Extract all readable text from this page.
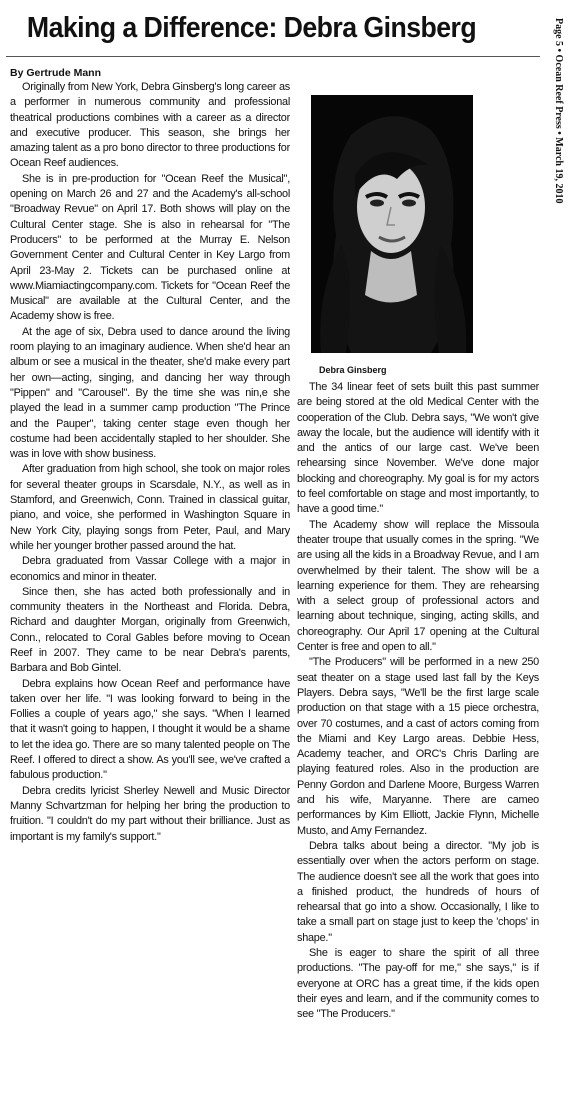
Making a Difference: Debra Ginsberg	Page 5 • Ocean Reef Press • March 19, 2010
By Gertrude Mann

Originally from New York, Debra Ginsberg's long career as a performer in numerous community and professional theatrical productions combines with a career as a director and executive producer. This season, she brings her amazing talent as a pro bono director to three productions for Ocean Reef audiences.

She is in pre-production for "Ocean Reef the Musical", opening on March 26 and 27 and the Academy's all-school "Broadway Revue" on April 17. Both shows will play on the Cultural Center stage. She is also in rehearsal for "The Producers" to be performed at the Murray E. Nelson Government Center and Cultural Center in Key Largo from April 23-May 2. Tickets can be purchased online at www.Miamiactingcompany.com. Tickets for "Ocean Reef the Musical" are available at the Cultural Center, and the Academy show is free.

At the age of six, Debra used to dance around the living room playing to an imaginary audience. When she'd hear an album or see a musical in the theater, she'd make every part her own—acting, singing, and dancing her way through "Pippen" and "Carousel". By the time she was nin,e she played the lead in a summer camp production "The Prince and the Pauper", taking center stage even though her costume had been accidentally stapled to her shoulder. She was in love with show business.

After graduation from high school, she took on major roles for several theater groups in Scarsdale, N.Y., as well as in Stamford, and Greenwich, Conn. Trained in classical guitar, piano, and voice, she performed in Washington Square in New York City, playing songs from Peter, Paul, and Mary while her younger brother passed around the hat.

Debra graduated from Vassar College with a major in economics and minor in theater.

Since then, she has acted both professionally and in community theaters in the Northeast and Florida. Debra, Richard and daughter Morgan, originally from Greenwich, Conn., relocated to Coral Gables before moving to Ocean Reef in 2007. They came to be near Debra's parents, Barbara and Bob Gintel.

Debra explains how Ocean Reef and performance have taken over her life. "I was looking forward to being in the Follies a couple of years ago," she says. "When I learned that it wasn't going to happen, I thought it would be a shame to let the idea go. There are so many talented people on The Reef. I offered to direct a show. As you'll see, we've crafted a fabulous production."

Debra credits lyricist Sherley Newell and Music Director Manny Schvartzman for helping her bring the production to fruition. "I couldn't do my part without their brilliance. Just as important is my family's support."

Debra Ginsberg

The 34 linear feet of sets built this past summer are being stored at the old Medical Center with the cooperation of the Club. Debra says, "We won't give away the locale, but the audience will identify with it and the antics of our large cast. We've been rehearsing since November. We've done major blocking and choreography. My goal is for my actors to feel comfortable on stage and most importantly, to have a good time."

The Academy show will replace the Missoula theater troupe that usually comes in the spring. "We are using all the kids in a Broadway Revue, and I am overwhelmed by their talent. The show will be a learning experience for them. They are rehearsing with a select group of professional actors and learning about technique, singing, acting skills, and choreography. Our April 17 opening at the Cultural Center is free and open to all."

"The Producers" will be performed in a new 250 seat theater on a stage used last fall by the Keys Players. Debra says, "We'll be the first large scale production on that stage with a 15 piece orchestra, over 70 costumes, and a cast of actors coming from the Miami and Key Largo areas. Debbie Hess, Academy teacher, and ORC's Chris Darling are playing featured roles. Also in the production are Penny Gordon and Darlene Moore, Burgess Warren and his wife, Maryanne. There are cameo performances by Kim Elliott, Jackie Flynn, Michelle Musto, and Amy Fernandez.

Debra talks about being a director. "My job is essentially over when the actors perform on stage. The audience doesn't see all the work that goes into a finished product, the hundreds of hours of rehearsal that go into a show. Occasionally, I like to take a small part on stage just to keep the 'chops' in shape."

She is eager to share the spirit of all three productions. "The pay-off for me," she says," is if everyone at ORC has a great time, if the kids open their eyes and learn, and if the community comes to see "The Producers."
